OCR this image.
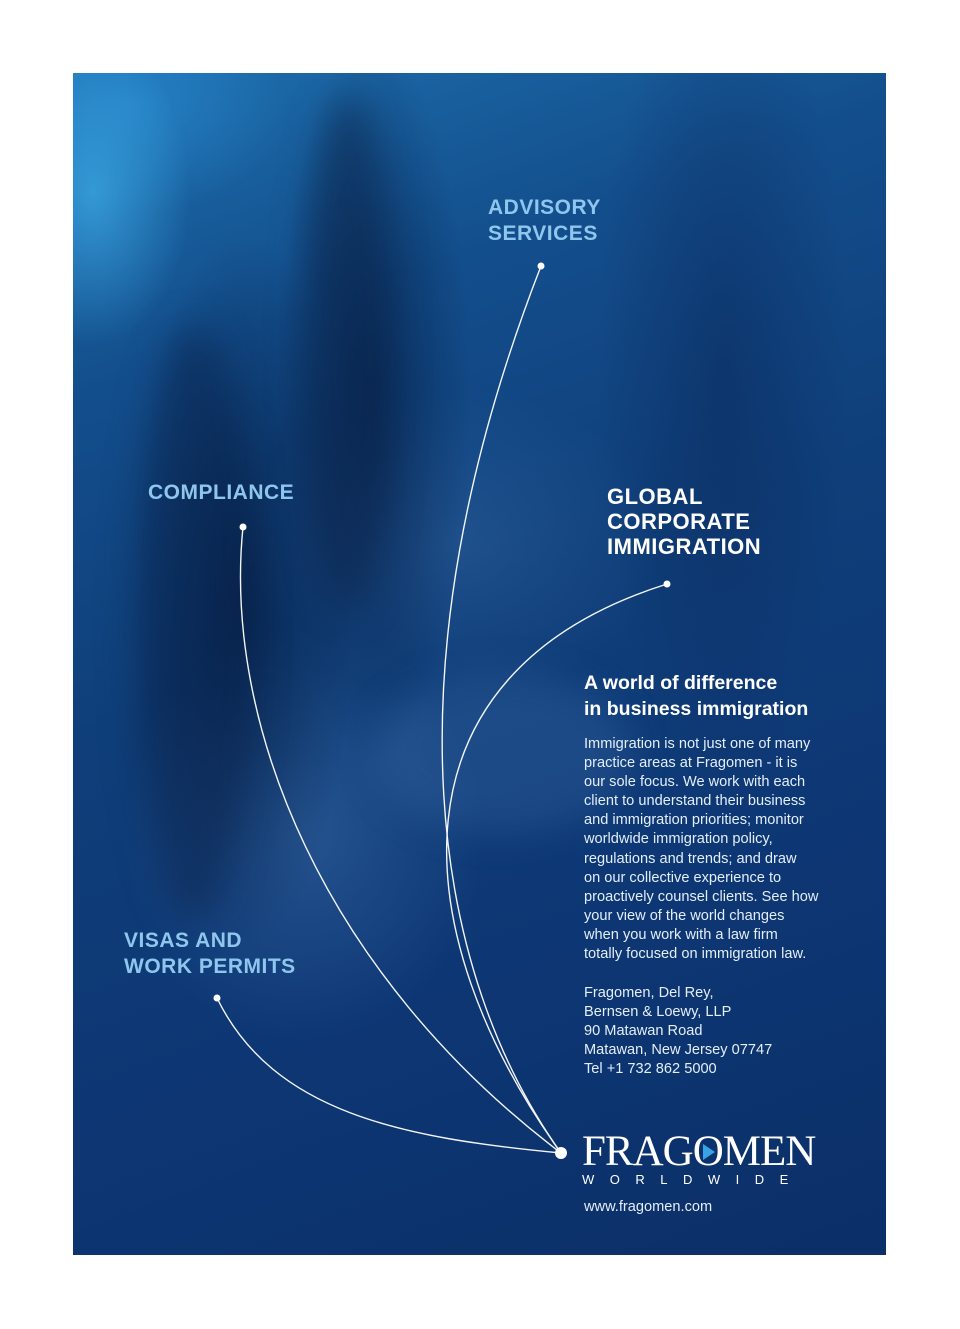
ADVISORY
SERVICES
COMPLIANCE	GLOBAL
CORPORATE
IMMIGRATION
VISAS AND
WORK PERMITS
A world of difference
in business immigration
Immigration is not just one of many
practice areas at Fragomen - it is
our sole focus. We work with each
client to understand their business
and immigration priorities; monitor
worldwide immigration policy,
regulations and trends; and draw
on our collective experience to
proactively counsel clients. See how
your view of the world changes
when you work with a law firm
totally focused on immigration law.
Fragomen, Del Rey,
Bernsen & Loewy, LLP
90 Matawan Road
Matawan, New Jersey 07747
Tel +1 732 862 5000
FRAGO
MEN
WORLDWIDE
www.fragomen.com
